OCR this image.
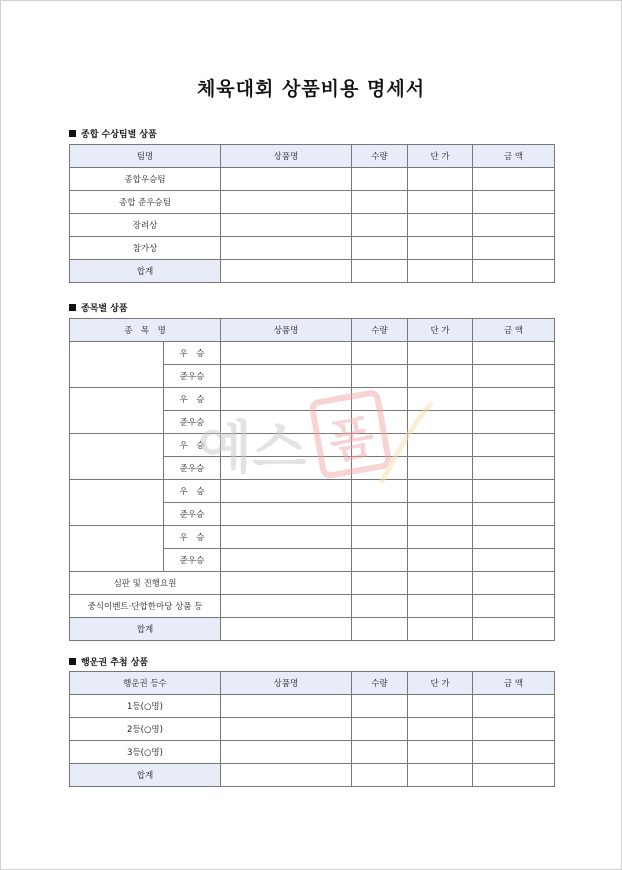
체육대회 상품비용 명세서
종합 수상팀별 상품
팀명	상품명	수량	단 가	금 액
종합우승팀				
종합 준우승팀				
장려상				
참가상				
합계				
종목별 상품
종　목　명		상품명	수량	단 가	금 액
	우　승				
	준우승				
	우　승				
	준우승				
	우　승				
	준우승				
	우　승				
	준우승				
	우　승				
	준우승				
심판 및 진행요원					
중식이벤트·단합한마당 상품 등					
합계					
행운권 추첨 상품
행운권 등수	상품명	수량	단 가	금 액
1등(○명)				
2등(○명)				
3등(○명)				
합계				
예스 폼
